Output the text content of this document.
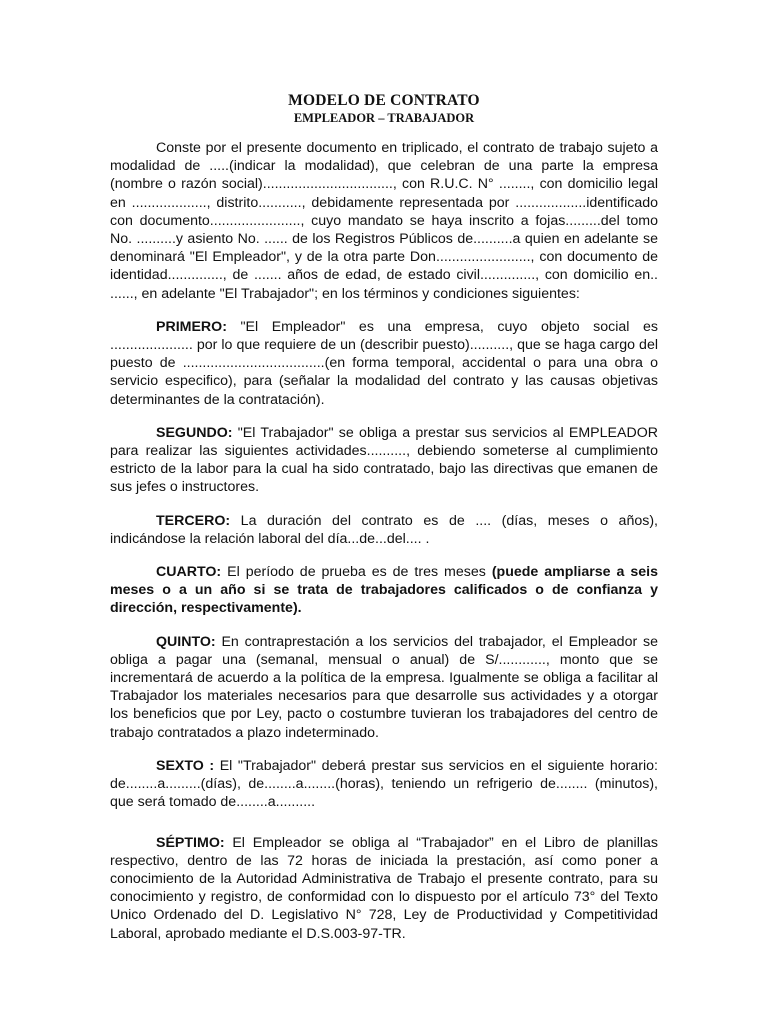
MODELO DE CONTRATO
EMPLEADOR – TRABAJADOR

Conste por el presente documento en triplicado, el contrato de trabajo sujeto a modalidad de .....(indicar la modalidad), que celebran de una parte la empresa (nombre o razón social)................................., con R.U.C. N° ........, con domicilio legal en ..................., distrito..........., debidamente representada por ..................identificado con documento......................., cuyo mandato se haya inscrito a fojas.........del tomo No. ..........y asiento No. ...... de los Registros Públicos de..........a quien en adelante se denominará "El Empleador", y de la otra parte Don........................, con documento de identidad.............., de ....... años de edad, de estado civil.............., con domicilio en.. ......, en adelante "El Trabajador"; en los términos y condiciones siguientes:

PRIMERO: "El Empleador" es una empresa, cuyo objeto social es ..................... por lo que requiere de un (describir puesto).........., que se haga cargo del puesto de ....................................(en forma temporal, accidental o para una obra o servicio especifico), para (señalar la modalidad del contrato y las causas objetivas determinantes de la contratación).

SEGUNDO: "El Trabajador" se obliga a prestar sus servicios al EMPLEADOR para realizar las siguientes actividades.........., debiendo someterse al cumplimiento estricto de la labor para la cual ha sido contratado, bajo las directivas que emanen de sus jefes o instructores.

TERCERO: La duración del contrato es de .... (días, meses o años), indicándose la relación laboral del día...de...del.... .

CUARTO: El período de prueba es de tres meses (puede ampliarse a seis meses o a un año si se trata de trabajadores calificados o de confianza y dirección, respectivamente).

QUINTO: En contraprestación a los servicios del trabajador, el Empleador se obliga a pagar una (semanal, mensual o anual) de S/............, monto que se incrementará de acuerdo a la política de la empresa. Igualmente se obliga a facilitar al Trabajador los materiales necesarios para que desarrolle sus actividades y a otorgar los beneficios que por Ley, pacto o costumbre tuvieran los trabajadores del centro de trabajo contratados a plazo indeterminado.

SEXTO : El "Trabajador" deberá prestar sus servicios en el siguiente horario: de........a.........(días), de........a........(horas), teniendo un refrigerio de........ (minutos), que será tomado de........a..........

SÉPTIMO: El Empleador se obliga al “Trabajador” en el Libro de planillas respectivo, dentro de las 72 horas de iniciada la prestación, así como poner a conocimiento de la Autoridad Administrativa de Trabajo el presente contrato, para su conocimiento y registro, de conformidad con lo dispuesto por el artículo 73° del Texto Unico Ordenado del D. Legislativo N° 728, Ley de Productividad y Competitividad Laboral, aprobado mediante el D.S.003-97-TR.
